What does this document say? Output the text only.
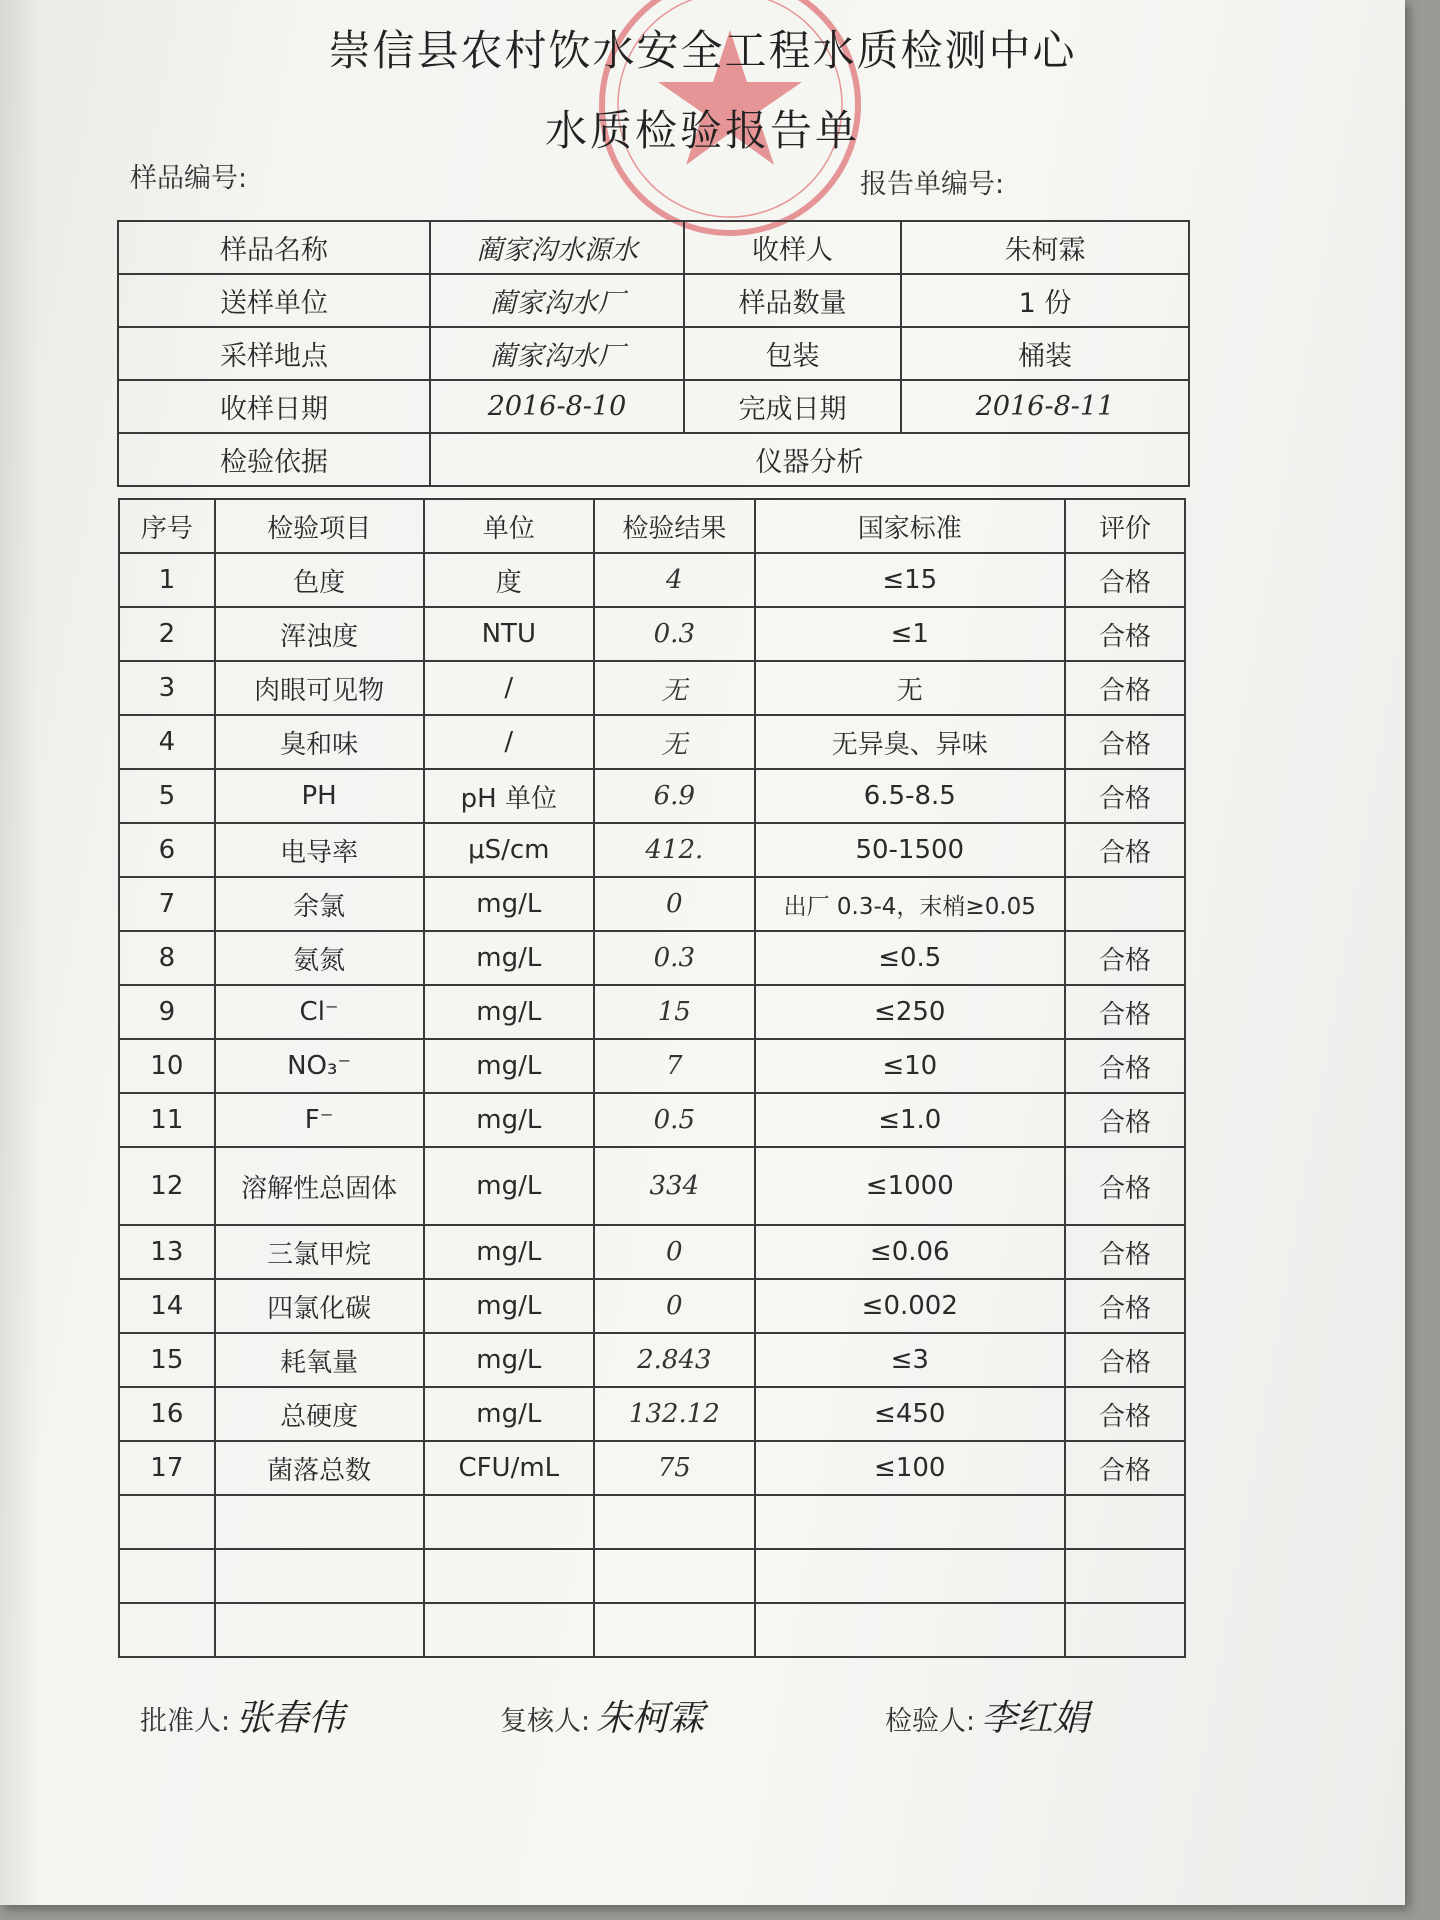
崇信县农村饮水安全工程水质检测中心
水质检验报告单
样品编号:	报告单编号:
样品名称	蔺家沟水源水	收样人	朱柯霖
送样单位	蔺家沟水厂	样品数量	1 份
采样地点	蔺家沟水厂	包装	桶装
收样日期	2016-8-10	完成日期	2016-8-11
检验依据	仪器分析		
序号	检验项目	单位	检验结果	国家标准	评价
1	色度	度	4	≤15	合格
2	浑浊度	NTU	0.3	≤1	合格
3	肉眼可见物	/	无	无	合格
4	臭和味	/	无	无异臭、异味	合格
5	PH	pH 单位	6.9	6.5-8.5	合格
6	电导率	μS/cm	412.	50-1500	合格
7	余氯	mg/L	0	出厂 0.3-4，末梢≥0.05	
8	氨氮	mg/L	0.3	≤0.5	合格
9	Cl⁻	mg/L	15	≤250	合格
10	NO₃⁻	mg/L	7	≤10	合格
11	F⁻	mg/L	0.5	≤1.0	合格
12	溶解性总固体	mg/L	334	≤1000	合格
13	三氯甲烷	mg/L	0	≤0.06	合格
14	四氯化碳	mg/L	0	≤0.002	合格
15	耗氧量	mg/L	2.843	≤3	合格
16	总硬度	mg/L	132.12	≤450	合格
17	菌落总数	CFU/mL	75	≤100	合格

批准人: 张春伟	复核人: 朱柯霖	检验人: 李红娟
